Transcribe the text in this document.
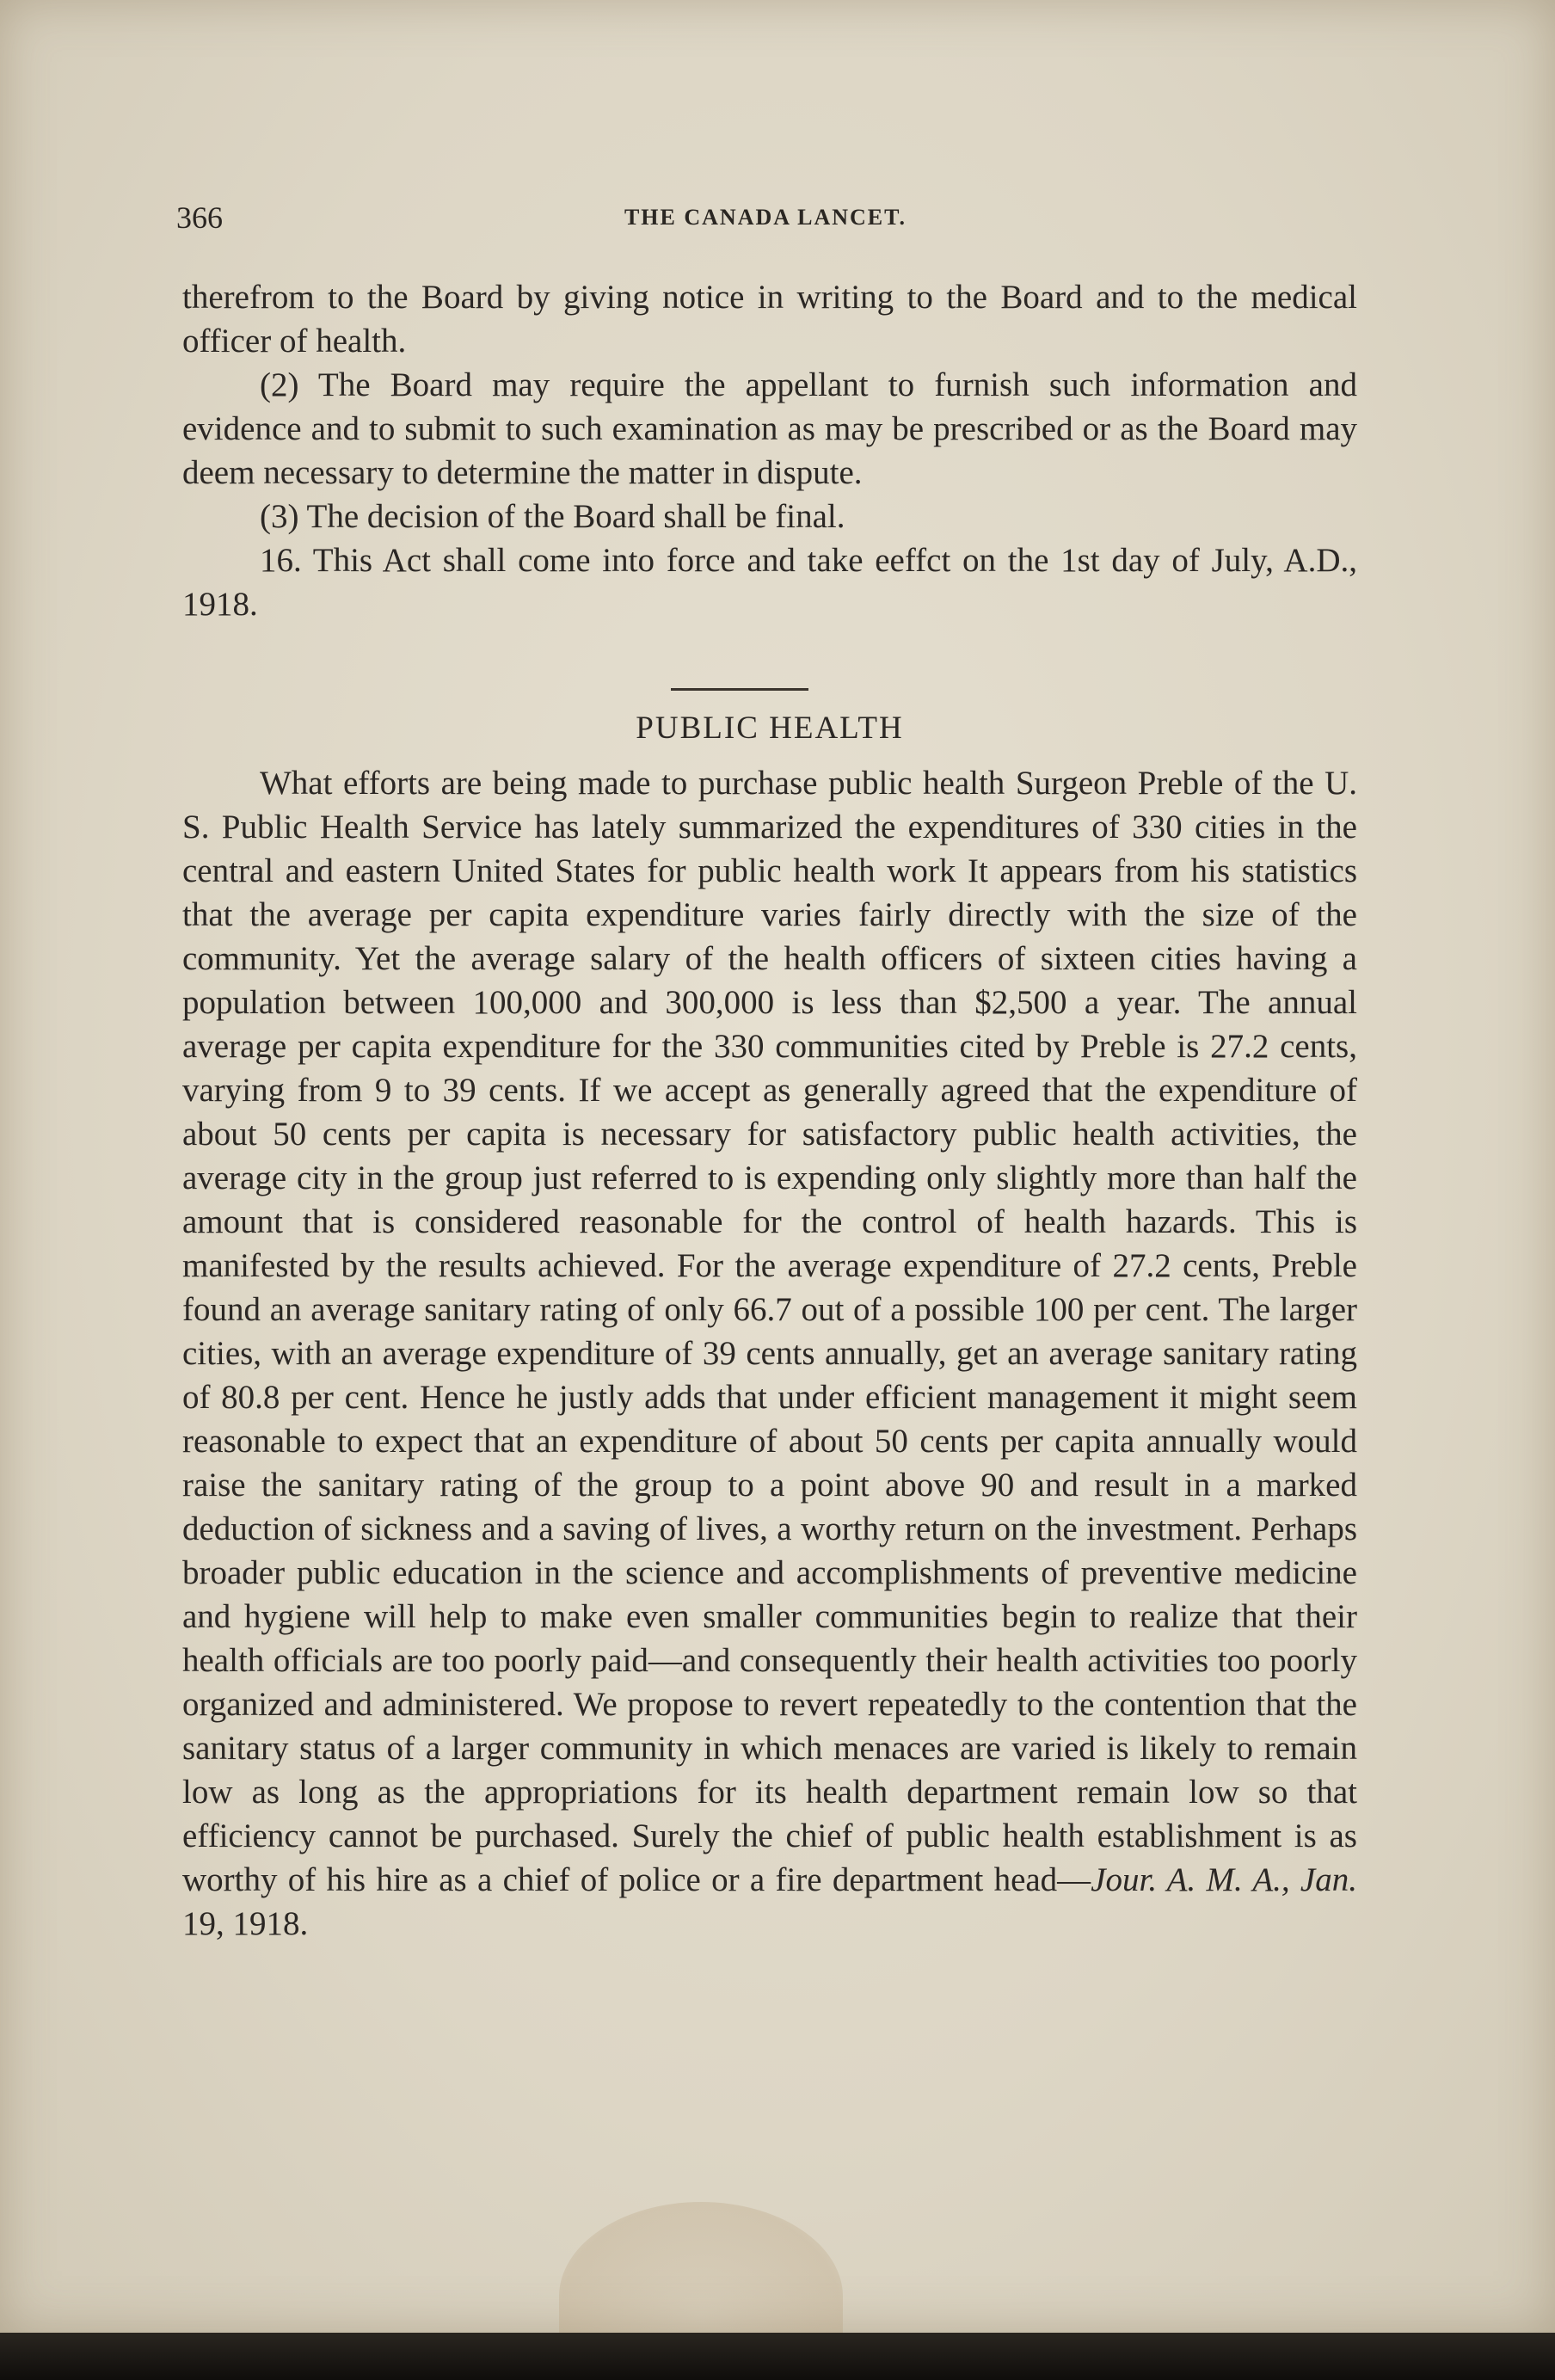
366	THE CANADA LANCET.

therefrom to the Board by giving notice in writing to the Board and to the medical officer of health.

(2) The Board may require the appellant to furnish such information and evidence and to submit to such examination as may be prescribed or as the Board may deem necessary to determine the matter in dispute.

(3) The decision of the Board shall be final.

16. This Act shall come into force and take eeffct on the 1st day of July, A.D., 1918.

PUBLIC HEALTH

What efforts are being made to purchase public health Surgeon Preble of the U. S. Public Health Service has lately summarized the expenditures of 330 cities in the central and eastern United States for public health work It appears from his statistics that the average per capita expenditure varies fairly directly with the size of the community. Yet the average salary of the health officers of sixteen cities having a population between 100,000 and 300,000 is less than $2,500 a year. The annual average per capita expenditure for the 330 communities cited by Preble is 27.2 cents, varying from 9 to 39 cents. If we accept as generally agreed that the expenditure of about 50 cents per capita is necessary for satisfactory public health activities, the average city in the group just referred to is expending only slightly more than half the amount that is considered reasonable for the control of health hazards. This is manifested by the results achieved. For the average expenditure of 27.2 cents, Preble found an average sanitary rating of only 66.7 out of a possible 100 per cent. The larger cities, with an average expenditure of 39 cents annually, get an average sanitary rating of 80.8 per cent. Hence he justly adds that under efficient management it might seem reasonable to expect that an expenditure of about 50 cents per capita annually would raise the sanitary rating of the group to a point above 90 and result in a marked deduction of sickness and a saving of lives, a worthy return on the investment. Perhaps broader public education in the science and accomplishments of preventive medicine and hygiene will help to make even smaller communities begin to realize that their health officials are too poorly paid—and consequently their health activities too poorly organized and administered. We propose to revert repeatedly to the contention that the sanitary status of a larger community in which menaces are varied is likely to remain low as long as the appropriations for its health department remain low so that efficiency cannot be purchased. Surely the chief of public health establishment is as worthy of his hire as a chief of police or a fire department head—Jour. A. M. A., Jan. 19, 1918.
